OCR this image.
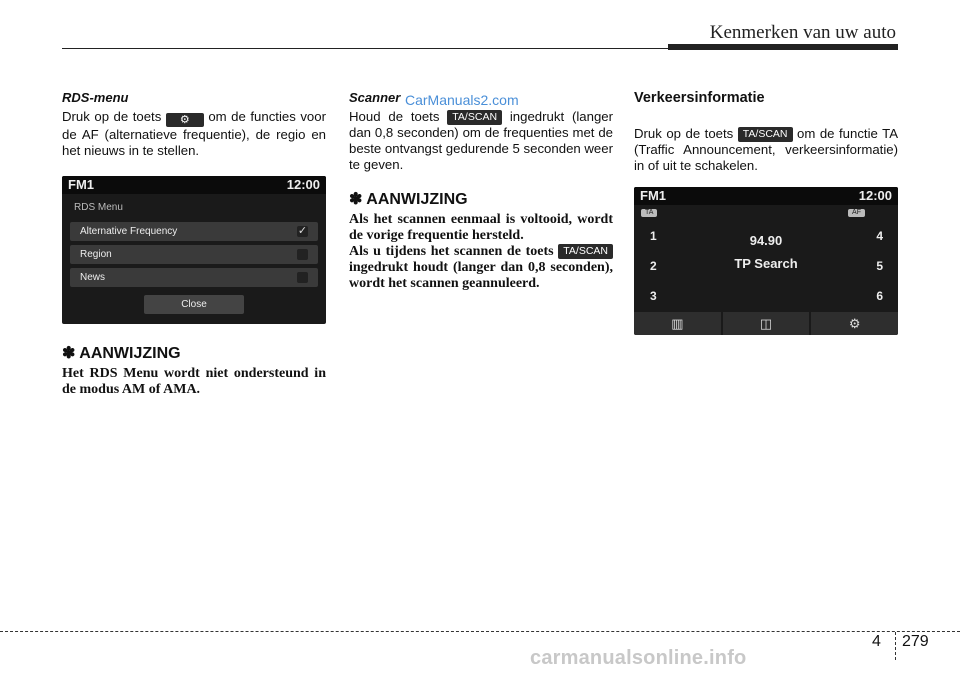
Kenmerken van uw auto
RDS-menu

Druk op de toets ⚙ om de functies voor de AF (alternatieve frequentie), de regio en het nieuws in te stellen.

FM1	12:00
RDS Menu
Alternative Frequency	✓
Region
News
Close
✽ AANWIJZING
Het RDS Menu wordt niet ondersteund in de modus AM of AMA.
Scanner

Houd de toets TA/SCAN ingedrukt (langer dan 0,8 seconden) om de frequenties met de beste ontvangst gedurende 5 seconden weer te geven.

✽ AANWIJZING
Als het scannen eenmaal is voltooid, wordt de vorige frequentie hersteld.
Als u tijdens het scannen de toets TA/SCAN ingedrukt houdt (langer dan 0,8 seconden), wordt het scannen geannuleerd.
Verkeersinformatie

Druk op de toets TA/SCAN om de functie TA (Traffic Announcement, verkeersinformatie) in of uit te schakelen.

FM1	12:00
TA	AF
1
2
3
4
5
6
94.90
TP Search
▥	◫	⚙
CarManuals2.com
4 279
carmanualsonline.info
